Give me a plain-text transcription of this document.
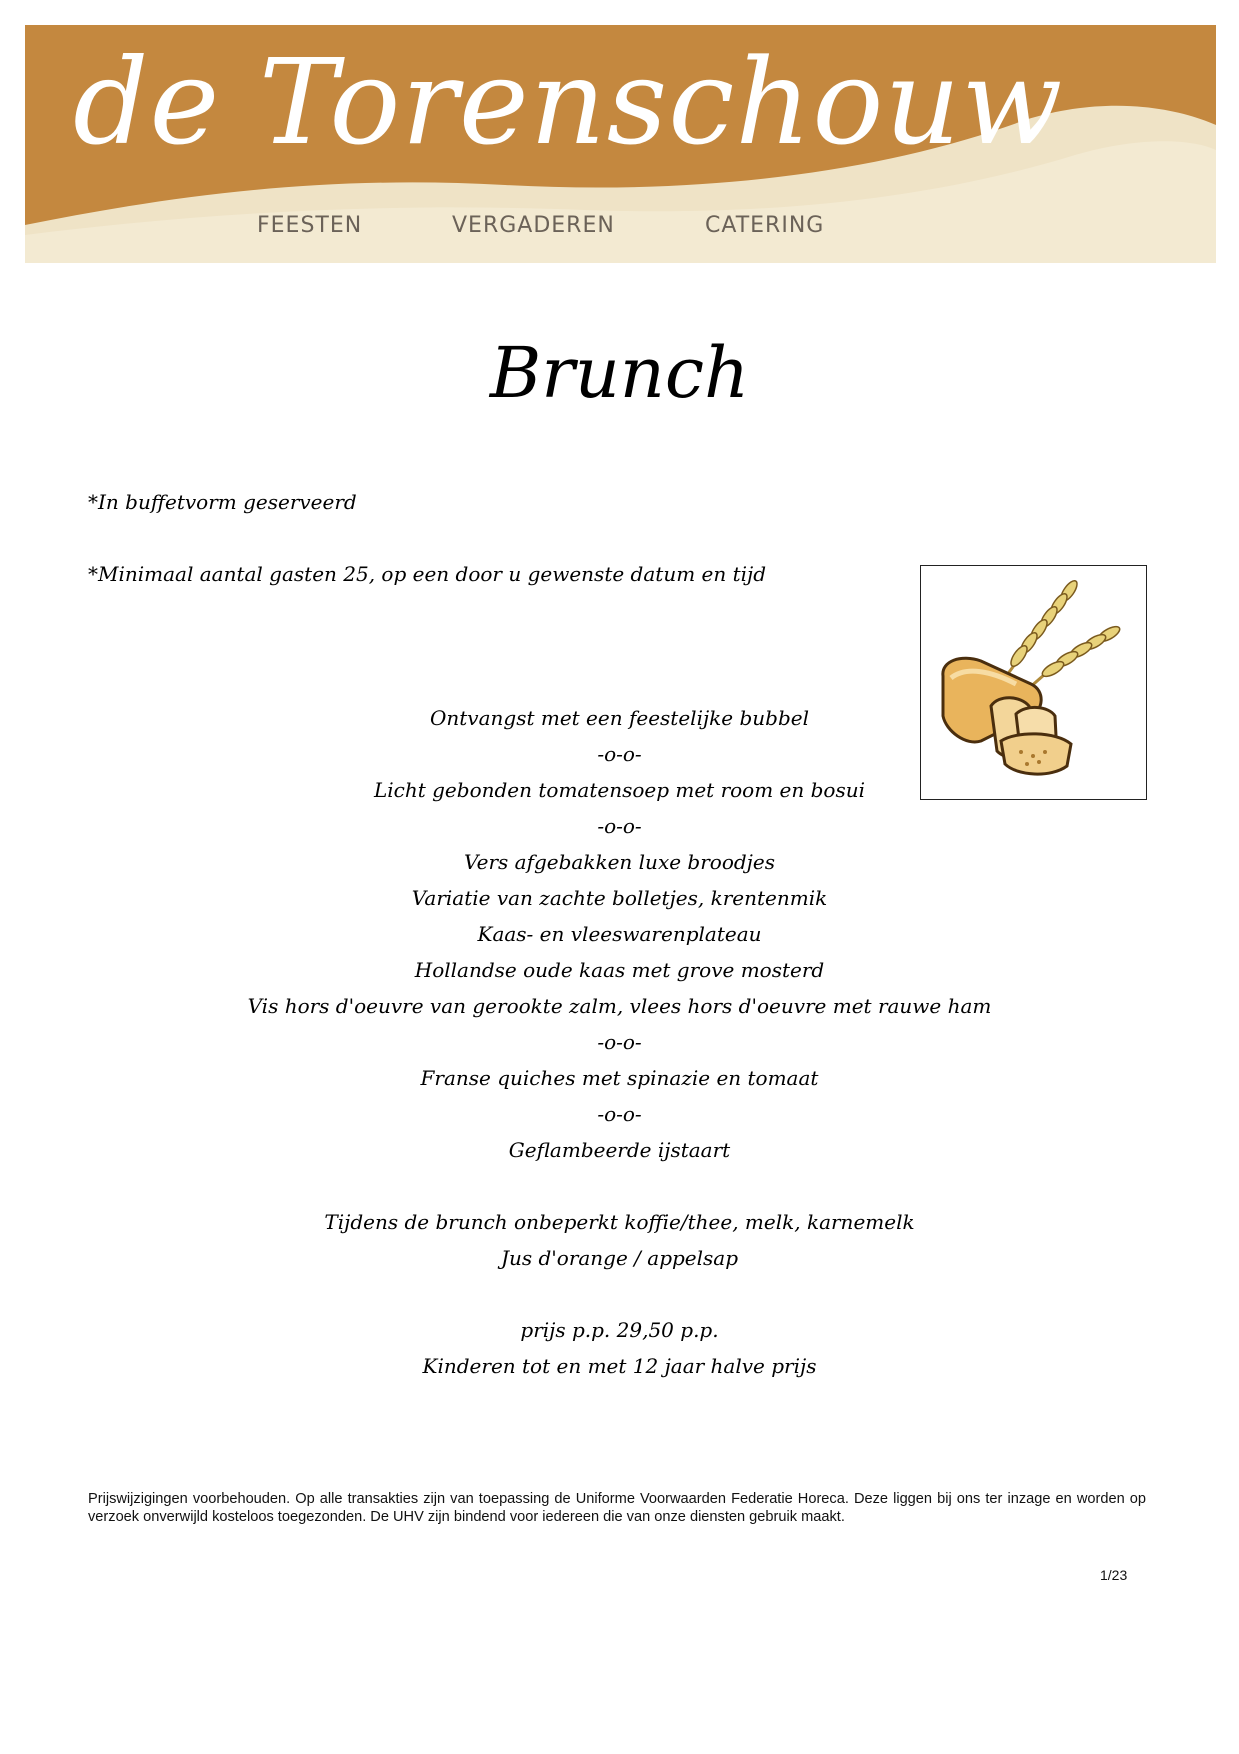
de Torenschouw
FEESTEN	VERGADEREN	CATERING
Brunch
*In buffetvorm geserveerd
*Minimaal aantal gasten 25, op een door u gewenste datum en tijd
Ontvangst met een feestelijke bubbel
-o-o-
Licht gebonden tomatensoep met room en bosui
-o-o-
Vers afgebakken luxe broodjes
Variatie van zachte bolletjes, krentenmik
Kaas- en vleeswarenplateau
Hollandse oude kaas met grove mosterd
Vis hors d'oeuvre van gerookte zalm, vlees hors d'oeuvre met rauwe ham
-o-o-
Franse quiches met spinazie en tomaat
-o-o-
Geflambeerde ijstaart
Tijdens de brunch onbeperkt koffie/thee, melk, karnemelk
Jus d'orange / appelsap
prijs p.p. 29,50 p.p.
Kinderen tot en met 12 jaar halve prijs
Prijswijzigingen voorbehouden. Op alle transakties zijn van toepassing de Uniforme Voorwaarden Federatie Horeca. Deze liggen bij ons ter inzage en worden op verzoek onverwijld kosteloos toegezonden. De UHV zijn bindend voor iedereen die van onze diensten gebruik maakt.
1/23
